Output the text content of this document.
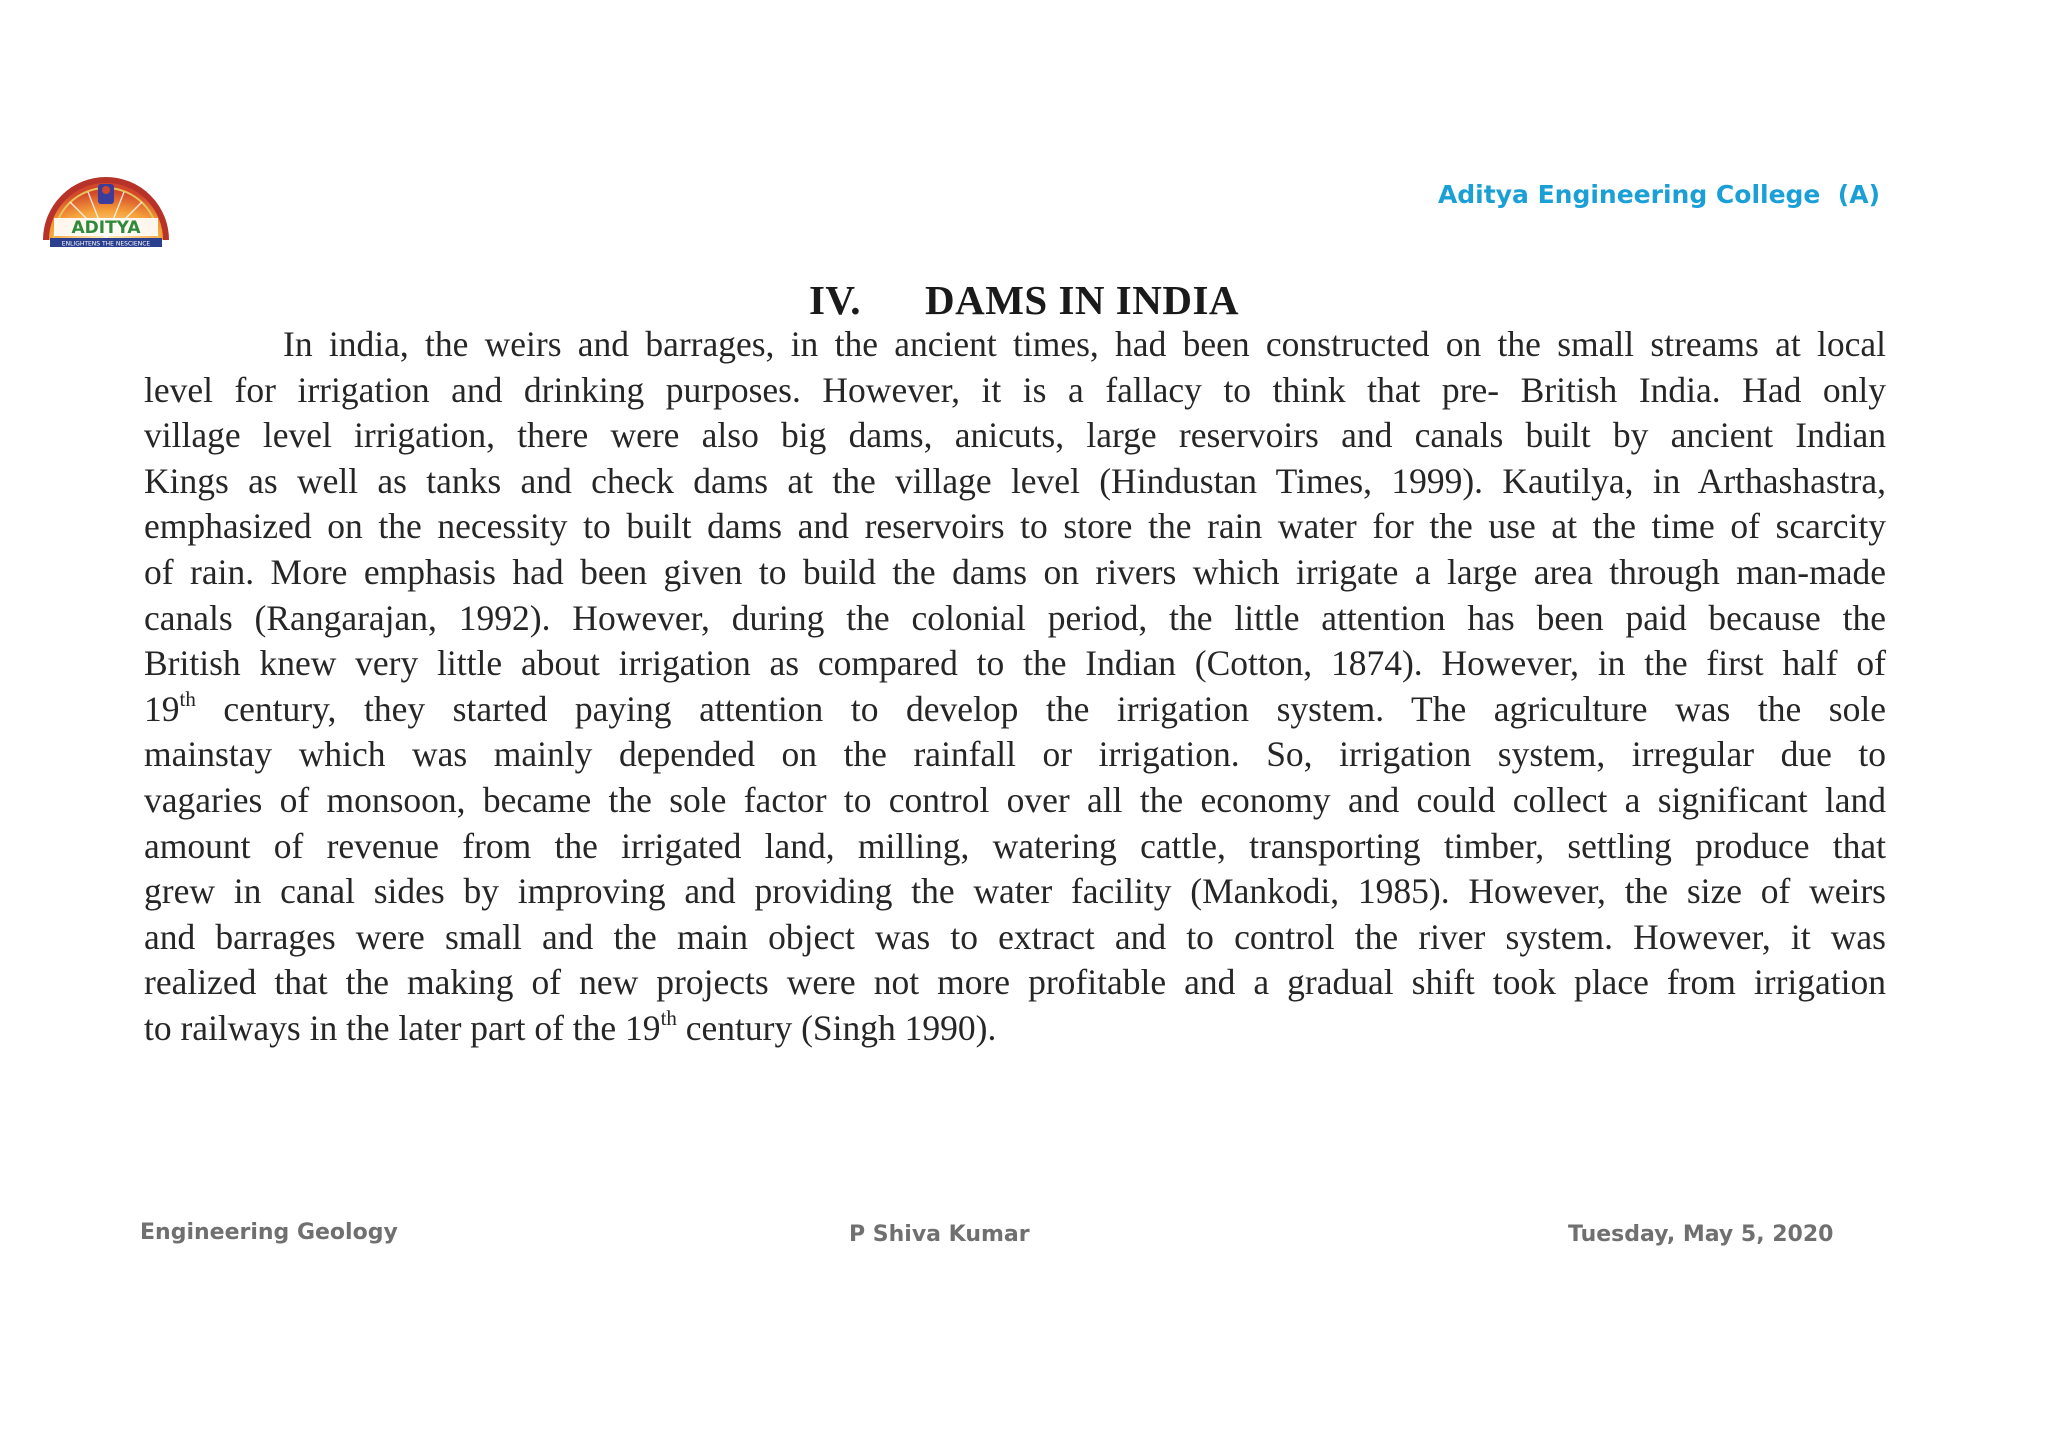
ADITYA
ENLIGHTENS THE NESCIENCE
Aditya Engineering College  (A)
IV. DAMS IN INDIA
In india, the weirs and barrages, in the ancient times, had been constructed on the small streams at local
level for irrigation and drinking purposes. However, it is a fallacy to think that pre- British India. Had only
village level irrigation, there were also big dams, anicuts, large reservoirs and canals built by ancient Indian
Kings as well as tanks and check dams at the village level (Hindustan Times, 1999). Kautilya, in Arthashastra,
emphasized on the necessity to built dams and reservoirs to store the rain water for the use at the time of scarcity
of rain. More emphasis had been given to build the dams on rivers which irrigate a large area through man-made
canals (Rangarajan, 1992). However, during the colonial period, the little attention has been paid because the
British knew very little about irrigation as compared to the Indian (Cotton, 1874). However, in the first half of
19th century, they started paying attention to develop the irrigation system. The agriculture was the sole
mainstay which was mainly depended on the rainfall or irrigation. So, irrigation system, irregular due to
vagaries of monsoon, became the sole factor to control over all the economy and could collect a significant land
amount of revenue from the irrigated land, milling, watering cattle, transporting timber, settling produce that
grew in canal sides by improving and providing the water facility (Mankodi, 1985). However, the size of weirs
and barrages were small and the main object was to extract and to control the river system. However, it was
realized that the making of new projects were not more profitable and a gradual shift took place from irrigation
to railways in the later part of the 19th century (Singh 1990).
Engineering Geology	P Shiva Kumar	Tuesday, May 5, 2020
